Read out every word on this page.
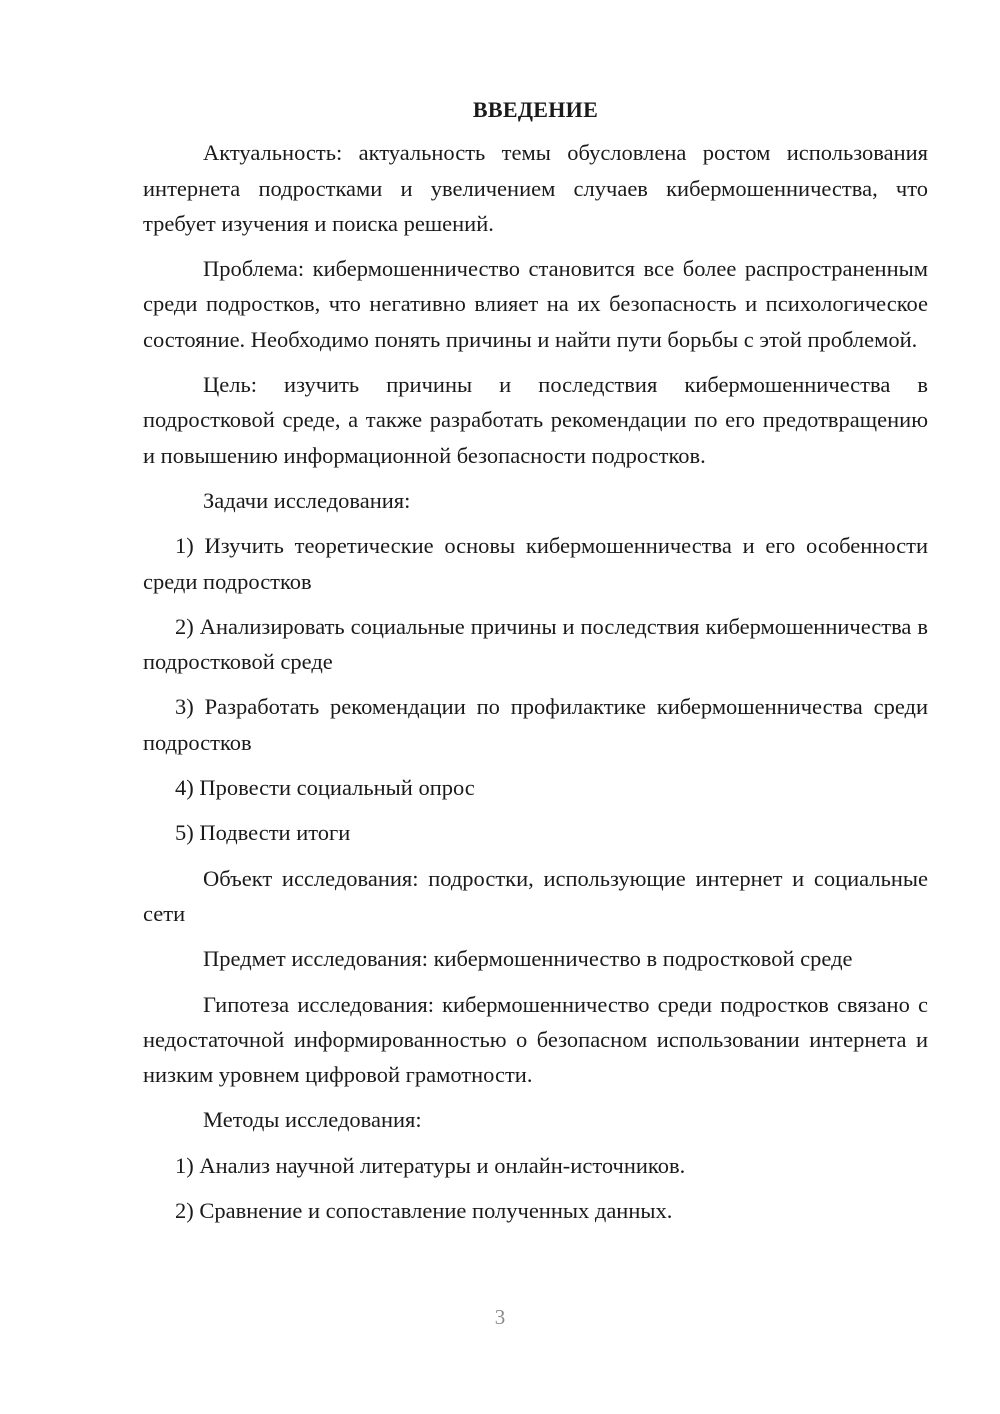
ВВЕДЕНИЕ

Актуальность: актуальность темы обусловлена ростом использования интернета подростками и увеличением случаев кибермошенничества, что требует изучения и поиска решений.

Проблема: кибермошенничество становится все более распространенным среди подростков, что негативно влияет на их безопасность и психологическое состояние. Необходимо понять причины и найти пути борьбы с этой проблемой.

Цель: изучить причины и последствия кибермошенничества в подростковой среде, а также разработать рекомендации по его предотвращению и повышению информационной безопасности подростков.

Задачи исследования:

1) Изучить теоретические основы кибермошенничества и его особенности среди подростков

2) Анализировать социальные причины и последствия кибермошенничества в подростковой среде

3) Разработать рекомендации по профилактике кибермошенничества среди подростков

4) Провести социальный опрос

5) Подвести итоги

Объект исследования: подростки, использующие интернет и социальные сети

Предмет исследования: кибермошенничество в подростковой среде

Гипотеза исследования: кибермошенничество среди подростков связано с недостаточной информированностью о безопасном использовании интернета и низким уровнем цифровой грамотности.

Методы исследования:

1) Анализ научной литературы и онлайн-источников.

2) Сравнение и сопоставление полученных данных.

3
